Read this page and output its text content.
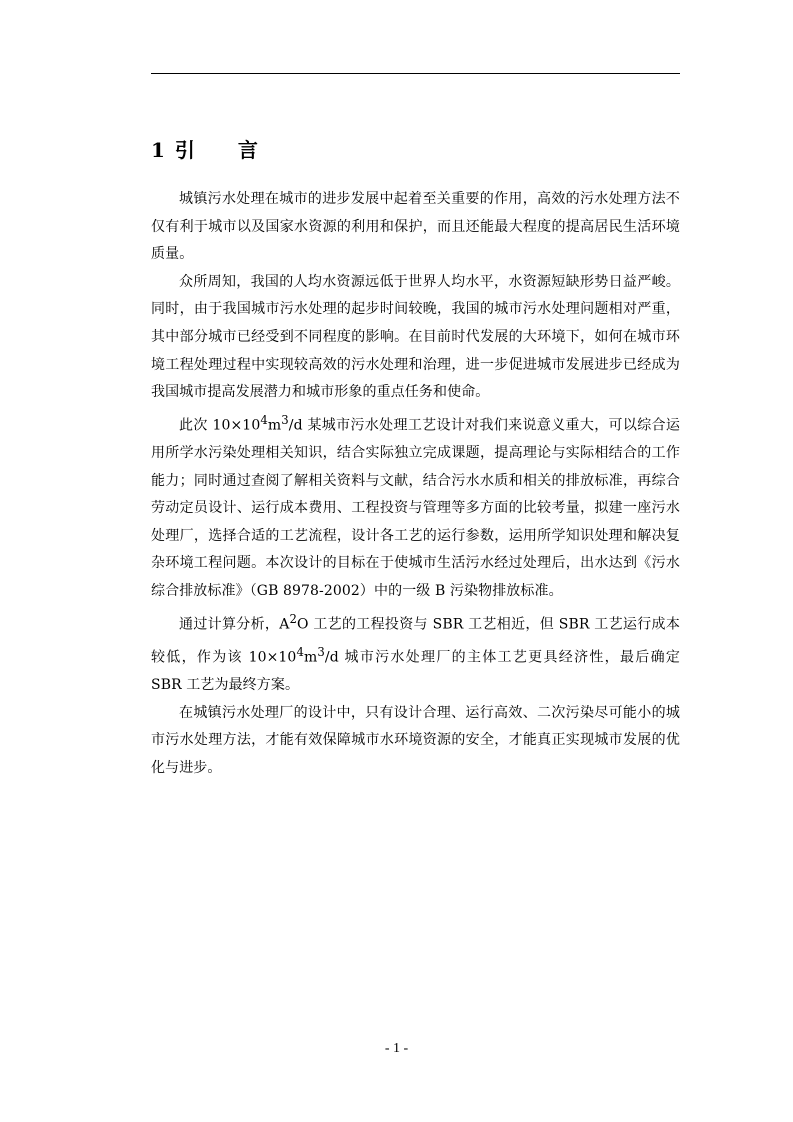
1 引 言

城镇污水处理在城市的进步发展中起着至关重要的作用，高效的污水处理方法不仅有利于城市以及国家水资源的利用和保护，而且还能最大程度的提高居民生活环境质量。

众所周知，我国的人均水资源远低于世界人均水平，水资源短缺形势日益严峻。同时，由于我国城市污水处理的起步时间较晚，我国的城市污水处理问题相对严重，其中部分城市已经受到不同程度的影响。在目前时代发展的大环境下，如何在城市环境工程处理过程中实现较高效的污水处理和治理，进一步促进城市发展进步已经成为我国城市提高发展潜力和城市形象的重点任务和使命。

此次 $10\times 10^4m^3/d$ 某城市污水处理工艺设计对我们来说意义重大，可以综合运用所学水污染处理相关知识，结合实际独立完成课题，提高理论与实际相结合的工作能力；同时通过查阅了解相关资料与文献，结合污水水质和相关的排放标准，再综合劳动定员设计、运行成本费用、工程投资与管理等多方面的比较考量，拟建一座污水处理厂，选择合适的工艺流程，设计各工艺的运行参数，运用所学知识处理和解决复杂环境工程问题。本次设计的目标在于使城市生活污水经过处理后，出水达到《污水综合排放标准》（GB 8978-2002）中的一级 B 污染物排放标准。

通过计算分析，$A^2O$ 工艺的工程投资与 SBR 工艺相近，但 SBR 工艺运行成本较低，作为该 $10\times 10^4m^3/d$ 城市污水处理厂的主体工艺更具经济性，最后确定 SBR 工艺为最终方案。

在城镇污水处理厂的设计中，只有设计合理、运行高效、二次污染尽可能小的城市污水处理方法，才能有效保障城市水环境资源的安全，才能真正实现城市发展的优化与进步。

- 1 -
